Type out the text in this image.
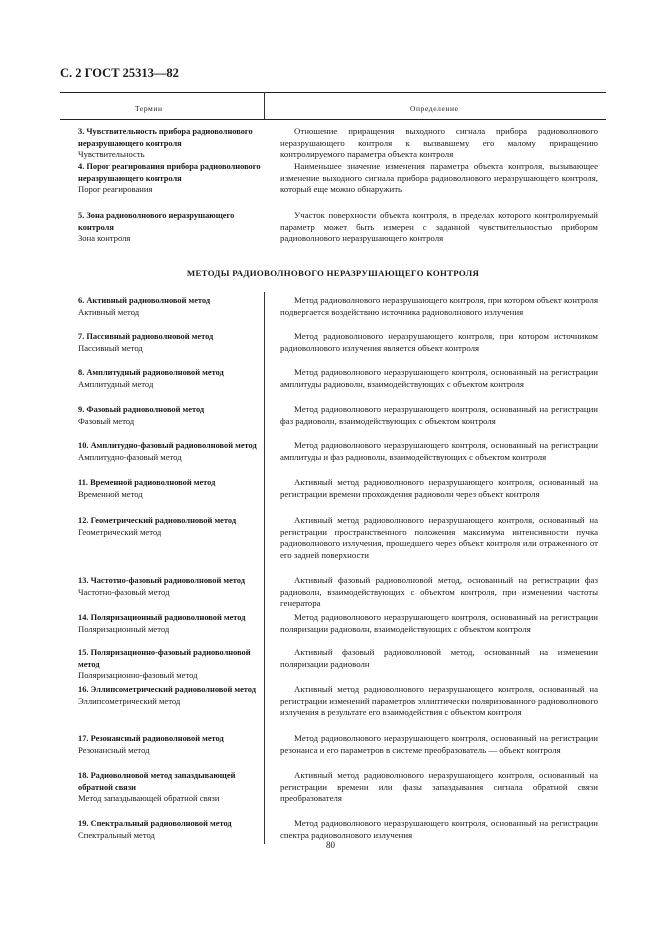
С. 2 ГОСТ 25313—82
Термин	Определение
3. Чувствительность прибора радиоволнового неразрушающего контроля
Чувствительность
Отношение приращения выходного сигнала прибора радиоволнового неразрушающего контроля к вызвавшему его малому приращению контролируемого параметра объекта контроля
4. Порог реагирования прибора радиоволнового неразрушающего контроля
Порог реагирования
Наименьшее значение изменения параметра объекта контроля, вызывающее изменение выходного сигнала прибора радиоволнового неразрушающего контроля, который еще можно обнаружить
5. Зона радиоволнового неразрушающего контроля
Зона контроля
Участок поверхности объекта контроля, в пределах которого контролируемый параметр может быть измерен с заданной чувствительностью прибором радиоволнового неразрушающего контроля
МЕТОДЫ РАДИОВОЛНОВОГО НЕРАЗРУШАЮЩЕГО КОНТРОЛЯ
6. Активный радиоволновой метод
Активный метод
Метод радиоволнового неразрушающего контроля, при котором объект контроля подвергается воздействию источника радиоволнового излучения
7. Пассивный радиоволновой метод
Пассивный метод
Метод радиоволнового неразрушающего контроля, при котором источником радиоволнового излучения является объект контроля
8. Амплитудный радиоволновой метод
Амплитудный метод
Метод радиоволнового неразрушающего контроля, основанный на регистрации амплитуды радиоволн, взаимодействующих с объектом контроля
9. Фазовый радиоволновой метод
Фазовый метод
Метод радиоволнового неразрушающего контроля, основанный на регистрации фаз радиоволн, взаимодействующих с объектом контроля
10. Амплитудно-фазовый радиоволновой метод
Амплитудно-фазовый метод
Метод радиоволнового неразрушающего контроля, основанный на регистрации амплитуды и фаз радиоволн, взаимодействующих с объектом контроля
11. Временной радиоволновой метод
Временной метод
Активный метод радиоволнового неразрушающего контроля, основанный на регистрации времени прохождения радиоволн через объект контроля
12. Геометрический радиоволновой метод
Геометрический метод
Активный метод радиоволнового неразрушающего контроля, основанный на регистрации пространственного положения максимума интенсивности пучка радиоволнового излучения, прошедшего через объект контроля или отраженного от его задней поверхности
13. Частотно-фазовый радиоволновой метод
Частотно-фазовый метод
Активный фазовый радиоволновой метод, основанный на регистрации фаз радиоволн, взаимодействующих с объектом контроля, при изменении частоты генератора
14. Поляризационный радиоволновой метод
Поляризационный метод
Метод радиоволнового неразрушающего контроля, основанный на регистрации поляризации радиоволн, взаимодействующих с объектом контроля
15. Поляризационно-фазовый радиоволновой метод
Поляризационно-фазовый метод
Активный фазовый радиоволновой метод, основанный на изменении поляризации радиоволн
16. Эллипсометрический радиоволновой метод
Эллипсометрический метод
Активный метод радиоволнового неразрушающего контроля, основанный на регистрации изменений параметров эллиптически поляризованного радиоволнового излучения в результате его взаимодействия с объектом контроля
17. Резонансный радиоволновой метод
Резонансный метод
Метод радиоволнового неразрушающего контроля, основанный на регистрации резонанса и его параметров в системе преобразователь — объект контроля
18. Радиоволновой метод запаздывающей обратной связи
Метод запаздывающей обратной связи
Активный метод радиоволнового неразрушающего контроля, основанный на регистрации времени или фазы запаздывания сигнала обратной связи преобразователя
19. Спектральный радиоволновой метод
Спектральный метод
Метод радиоволнового неразрушающего контроля, основанный на регистрации спектра радиоволнового излучения
80
